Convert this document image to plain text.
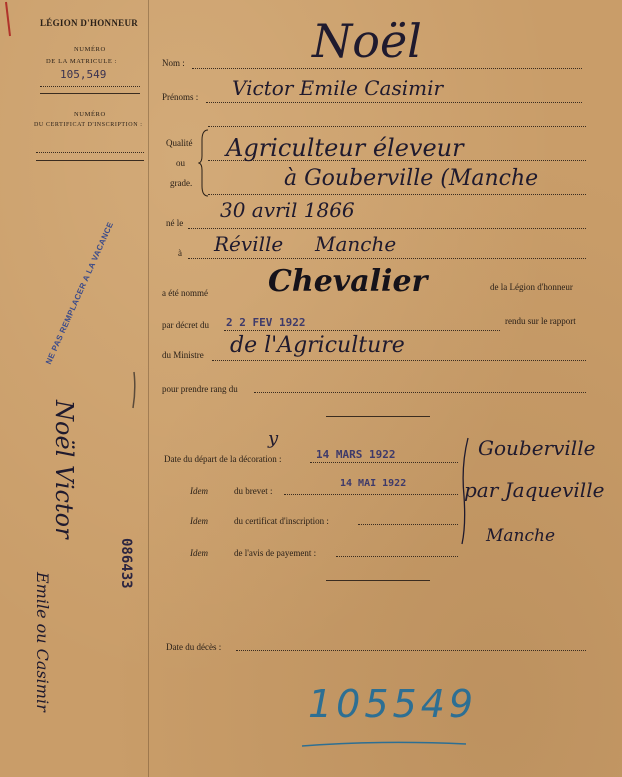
LÉGION D'HONNEUR
NUMÉRO
DE LA MATRICULE :
105,549
NUMÉRO
DU CERTIFICAT D'INSCRIPTION :
Nom :	Noël
Prénoms : Victor Emile Casimir
Qualité
ou
grade.
Agriculteur éleveur
à Gouberville (Manche
né le
30 avril 1866
à Réville     Manche
a été nommé Chevalier	de la Légion d'honneur
par décret du 2 2 FEV 1922	rendu sur le rapport
du Ministre de l'Agriculture
pour prendre rang du
Date du départ de la décoration :
y
14 MARS 1922
Idem	du brevet :
14 MAI 1922
Idem	du certificat d'inscription :
Idem	de l'avis de payement :
Gouberville
par Jaqueville
Manche
Date du décès :
105549
NE PAS REMPLACER A LA VACANCE
Noël Victor
Emile ou Casimir
086433
